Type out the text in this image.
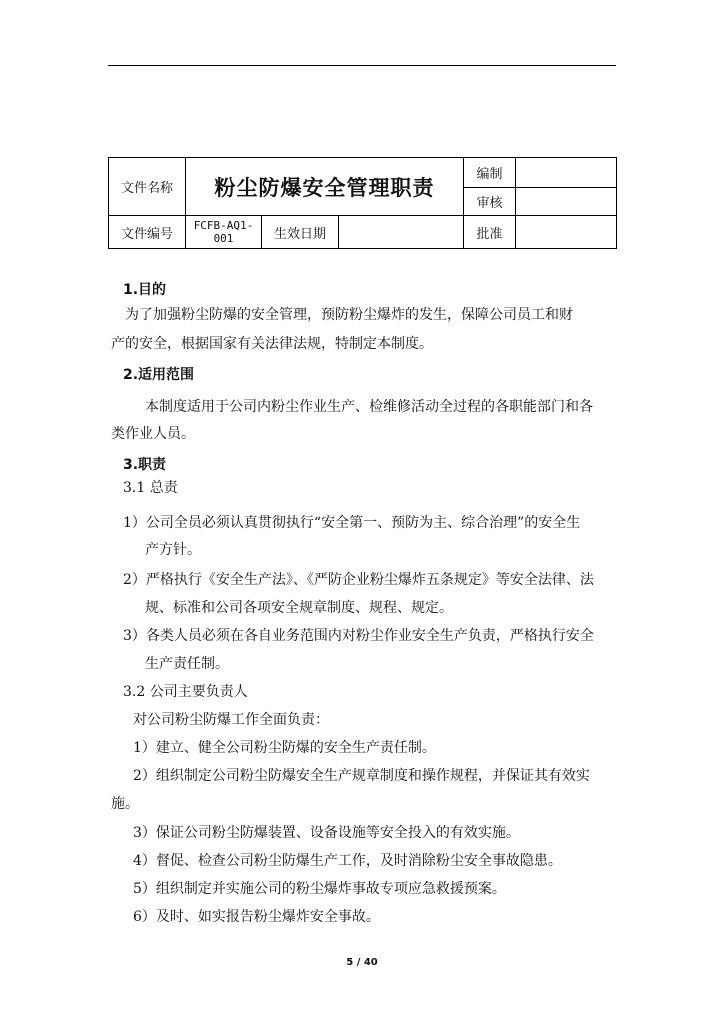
文件名称	粉尘防爆安全管理职责			编制	
				审核	
文件编号	FCFB-AQ1-001	生效日期		批准	
1.目的
为了加强粉尘防爆的安全管理，预防粉尘爆炸的发生，保障公司员工和财
产的安全，根据国家有关法律法规，特制定本制度。
2.适用范围
本制度适用于公司内粉尘作业生产、检维修活动全过程的各职能部门和各
类作业人员。
3.职责
3.1 总责
1）公司全员必须认真贯彻执行“安全第一、预防为主、综合治理”的安全生
产方针。
2）严格执行《安全生产法》、《严防企业粉尘爆炸五条规定》等安全法律、法
规、标准和公司各项安全规章制度、规程、规定。
3）各类人员必须在各自业务范围内对粉尘作业安全生产负责，严格执行安全
生产责任制。
3.2 公司主要负责人
对公司粉尘防爆工作全面负责：
1）建立、健全公司粉尘防爆的安全生产责任制。
2）组织制定公司粉尘防爆安全生产规章制度和操作规程，并保证其有效实
施。
3）保证公司粉尘防爆装置、设备设施等安全投入的有效实施。
4）督促、检查公司粉尘防爆生产工作，及时消除粉尘安全事故隐患。
5）组织制定并实施公司的粉尘爆炸事故专项应急救援预案。
6）及时、如实报告粉尘爆炸安全事故。
5 / 40
